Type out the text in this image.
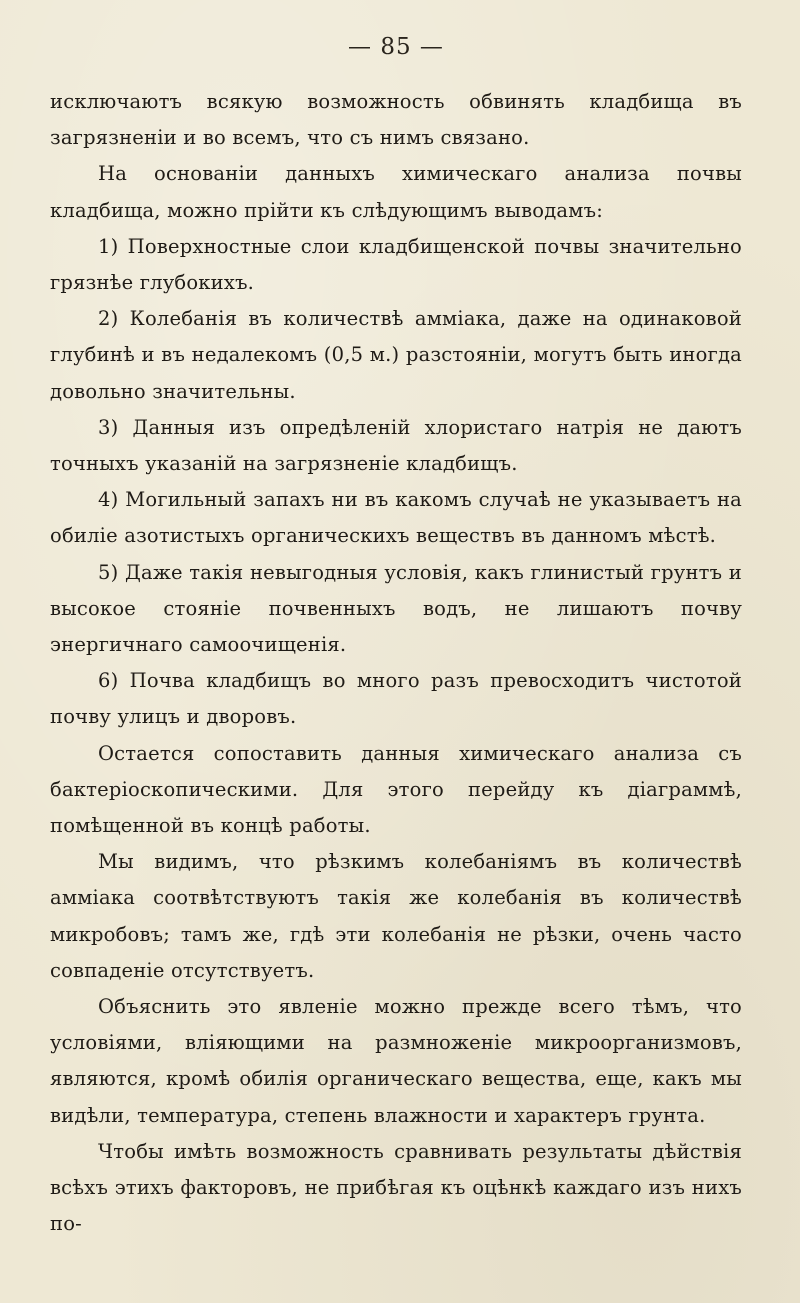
— 85 —

исключаютъ всякую возможность обвинять кладбища въ загрязненіи и во всемъ, что съ нимъ связано.

На основаніи данныхъ химическаго анализа почвы кладбища, можно прійти къ слѣдующимъ выводамъ:

1) Поверхностные слои кладбищенской почвы значительно грязнѣе глубокихъ.

2) Колебанія въ количествѣ амміака, даже на одинаковой глубинѣ и въ недалекомъ (0,5 м.) разстояніи, могутъ быть иногда довольно значительны.

3) Данныя изъ опредѣленій хлористаго натрія не даютъ точныхъ указаній на загрязненіе кладбищъ.

4) Могильный запахъ ни въ какомъ случаѣ не указываетъ на обиліе азотистыхъ органическихъ веществъ въ данномъ мѣстѣ.

5) Даже такія невыгодныя условія, какъ глинистый грунтъ и высокое стояніе почвенныхъ водъ, не лишаютъ почву энергичнаго самоочищенія.

6) Почва кладбищъ во много разъ превосходитъ чистотой почву улицъ и дворовъ.

Остается сопоставить данныя химическаго анализа съ бактеріоскопическими. Для этого перейду къ діаграммѣ, помѣщенной въ концѣ работы.

Мы видимъ, что рѣзкимъ колебаніямъ въ количествѣ амміака соотвѣтствуютъ такія же колебанія въ количествѣ микробовъ; тамъ же, гдѣ эти колебанія не рѣзки, очень часто совпаденіе отсутствуетъ.

Объяснить это явленіе можно прежде всего тѣмъ, что условіями, вліяющими на размноженіе микроорганизмовъ, являются, кромѣ обилія органическаго вещества, еще, какъ мы видѣли, температура, степень влажности и характеръ грунта.

Чтобы имѣть возможность сравнивать результаты дѣйствія всѣхъ этихъ факторовъ, не прибѣгая къ оцѣнкѣ каждаго изъ нихъ по-
